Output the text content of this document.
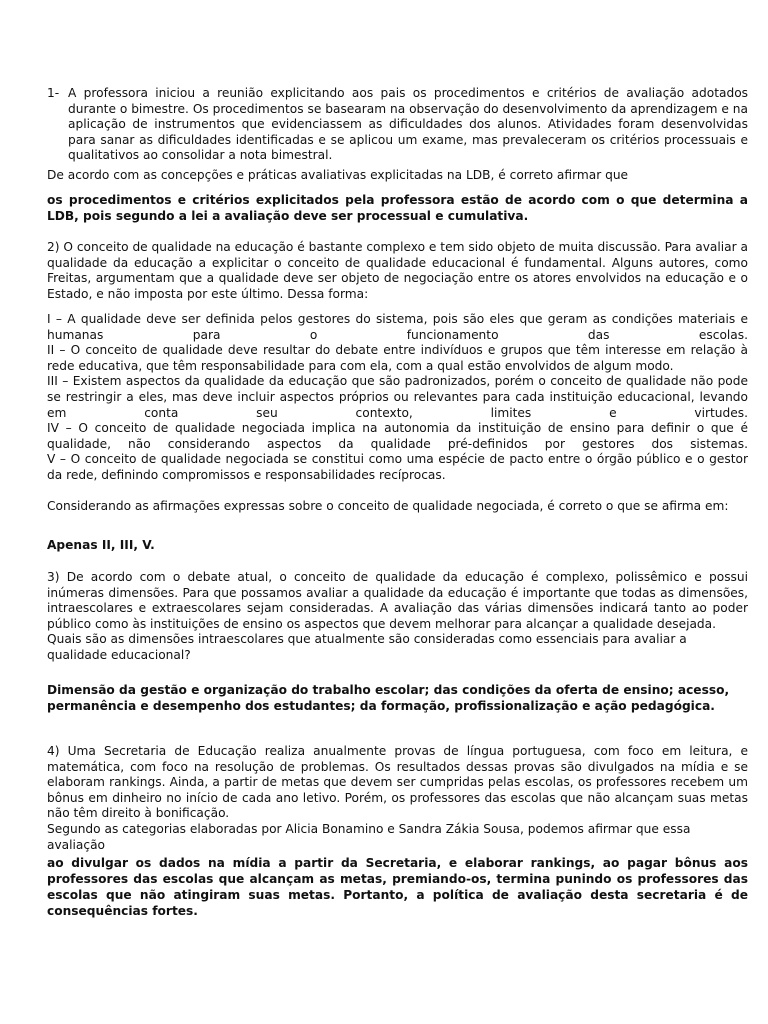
1- A professora iniciou a reunião explicitando aos pais os procedimentos e critérios de avaliação adotados durante o bimestre. Os procedimentos se basearam na observação do desenvolvimento da aprendizagem e na aplicação de instrumentos que evidenciassem as dificuldades dos alunos. Atividades foram desenvolvidas para sanar as dificuldades identificadas e se aplicou um exame, mas prevaleceram os critérios processuais e qualitativos ao consolidar a nota bimestral.

De acordo com as concepções e práticas avaliativas explicitadas na LDB, é correto afirmar que

os procedimentos e critérios explicitados pela professora estão de acordo com o que determina a LDB, pois segundo a lei a avaliação deve ser processual e cumulativa.

2) O conceito de qualidade na educação é bastante complexo e tem sido objeto de muita discussão. Para avaliar a qualidade da educação a explicitar o conceito de qualidade educacional é fundamental. Alguns autores, como Freitas, argumentam que a qualidade deve ser objeto de negociação entre os atores envolvidos na educação e o Estado, e não imposta por este último. Dessa forma:

I – A qualidade deve ser definida pelos gestores do sistema, pois são eles que geram as condições materiais e humanas para o funcionamento das escolas.

II – O conceito de qualidade deve resultar do debate entre indivíduos e grupos que têm interesse em relação à rede educativa, que têm responsabilidade para com ela, com a qual estão envolvidos de algum modo.

III – Existem aspectos da qualidade da educação que são padronizados, porém o conceito de qualidade não pode se restringir a eles, mas deve incluir aspectos próprios ou relevantes para cada instituição educacional, levando em conta seu contexto, limites e virtudes.

IV – O conceito de qualidade negociada implica na autonomia da instituição de ensino para definir o que é qualidade, não considerando aspectos da qualidade pré-definidos por gestores dos sistemas.

V – O conceito de qualidade negociada se constitui como uma espécie de pacto entre o órgão público e o gestor da rede, definindo compromissos e responsabilidades recíprocas.

Considerando as afirmações expressas sobre o conceito de qualidade negociada, é correto o que se afirma em:

Apenas II, III, V.

3) De acordo com o debate atual, o conceito de qualidade da educação é complexo, polissêmico e possui inúmeras dimensões. Para que possamos avaliar a qualidade da educação é importante que todas as dimensões, intraescolares e extraescolares sejam consideradas. A avaliação das várias dimensões indicará tanto ao poder público como às instituições de ensino os aspectos que devem melhorar para alcançar a qualidade desejada.

Quais são as dimensões intraescolares que atualmente são consideradas como essenciais para avaliar a qualidade educacional?

Dimensão da gestão e organização do trabalho escolar; das condições da oferta de ensino; acesso, permanência e desempenho dos estudantes; da formação, profissionalização e ação pedagógica.

4) Uma Secretaria de Educação realiza anualmente provas de língua portuguesa, com foco em leitura, e matemática, com foco na resolução de problemas. Os resultados dessas provas são divulgados na mídia e se elaboram rankings. Ainda, a partir de metas que devem ser cumpridas pelas escolas, os professores recebem um bônus em dinheiro no início de cada ano letivo. Porém, os professores das escolas que não alcançam suas metas não têm direito à bonificação.

Segundo as categorias elaboradas por Alicia Bonamino e Sandra Zákia Sousa, podemos afirmar que essa avaliação

ao divulgar os dados na mídia a partir da Secretaria, e elaborar rankings, ao pagar bônus aos professores das escolas que alcançam as metas, premiando-os, termina punindo os professores das escolas que não atingiram suas metas. Portanto, a política de avaliação desta secretaria é de consequências fortes.
